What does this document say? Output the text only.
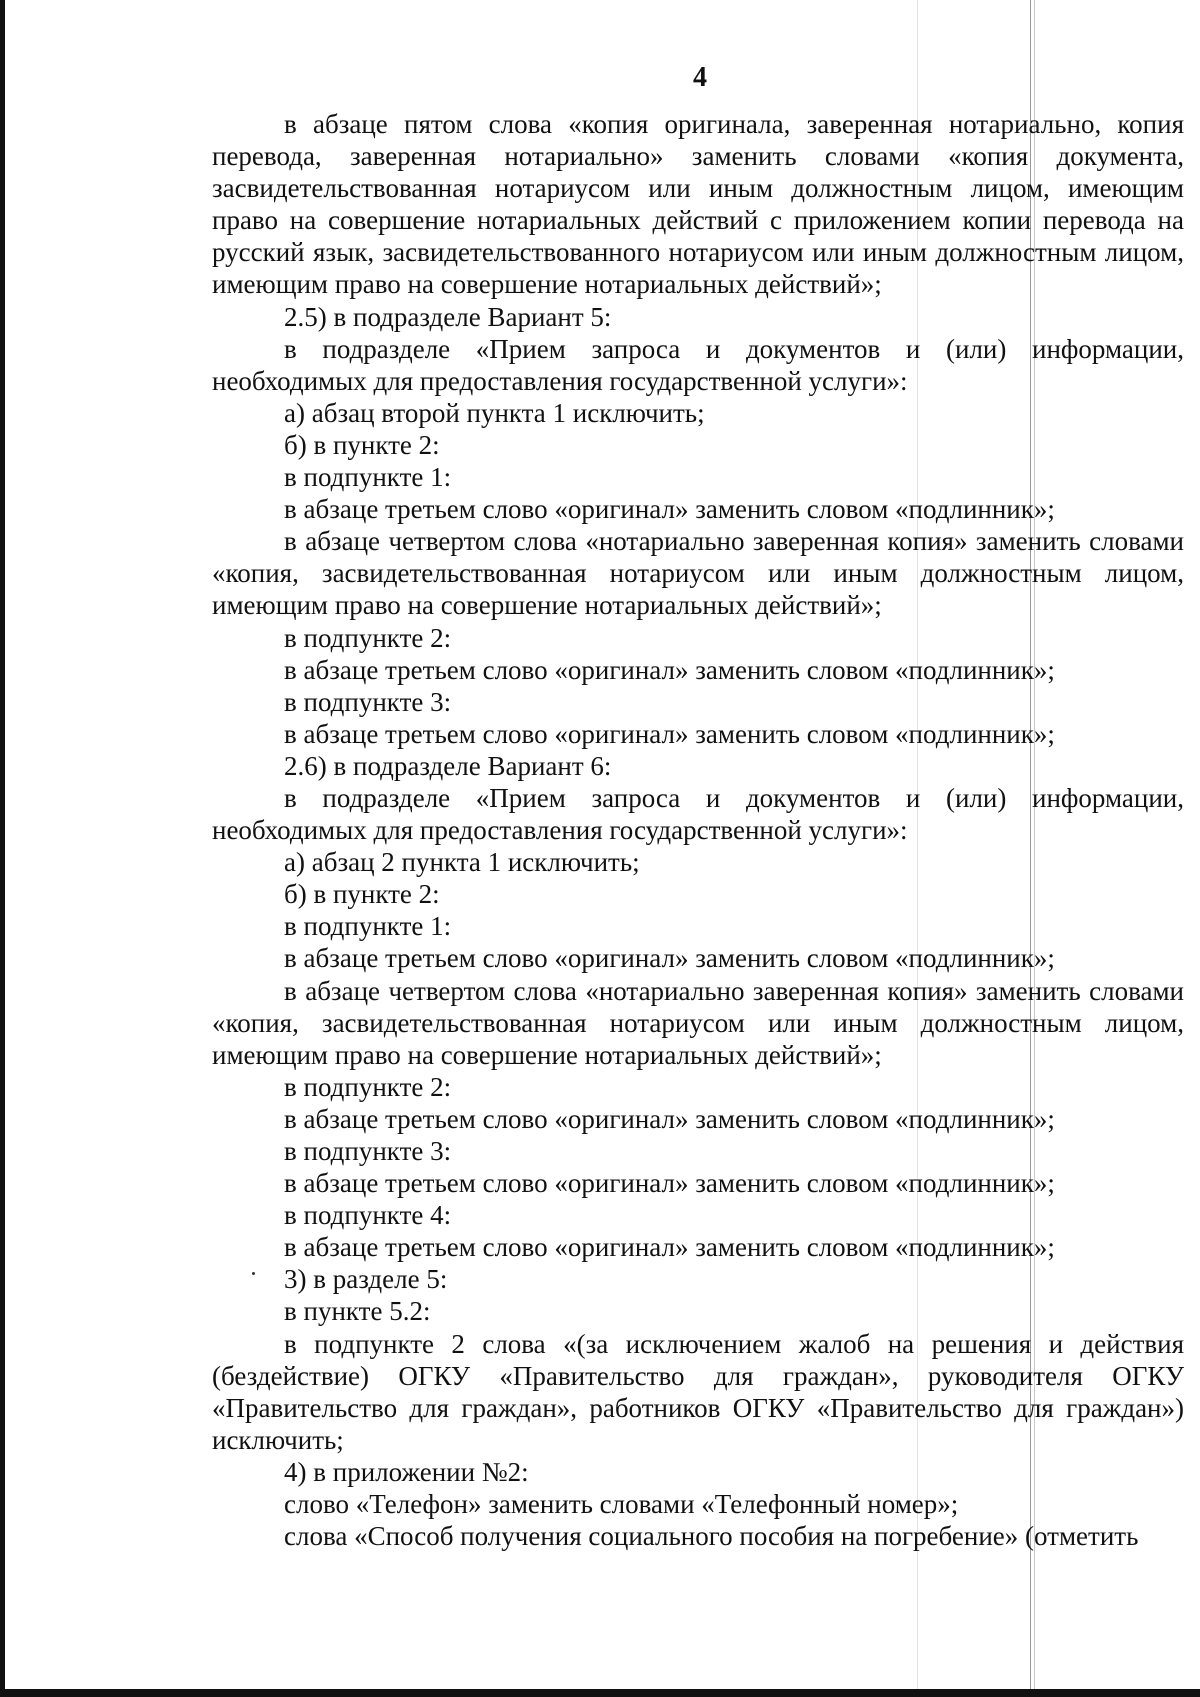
4

в абзаце пятом слова «копия оригинала, заверенная нотариально, копия перевода, заверенная нотариально» заменить словами «копия документа, засвидетельствованная нотариусом или иным должностным лицом, имеющим право на совершение нотариальных действий с приложением копии перевода на русский язык, засвидетельствованного нотариусом или иным должностным лицом, имеющим право на совершение нотариальных действий»;

2.5) в подразделе Вариант 5:

в подразделе «Прием запроса и документов и (или) информации, необходимых для предоставления государственной услуги»:

а) абзац второй пункта 1 исключить;

б) в пункте 2:

в подпункте 1:

в абзаце третьем слово «оригинал» заменить словом «подлинник»;

в абзаце четвертом слова «нотариально заверенная копия» заменить словами «копия, засвидетельствованная нотариусом или иным должностным лицом, имеющим право на совершение нотариальных действий»;

в подпункте 2:

в абзаце третьем слово «оригинал» заменить словом «подлинник»;

в подпункте 3:

в абзаце третьем слово «оригинал» заменить словом «подлинник»;

2.6) в подразделе Вариант 6:

в подразделе «Прием запроса и документов и (или) информации, необходимых для предоставления государственной услуги»:

а) абзац 2 пункта 1 исключить;

б) в пункте 2:

в подпункте 1:

в абзаце третьем слово «оригинал» заменить словом «подлинник»;

в абзаце четвертом слова «нотариально заверенная копия» заменить словами «копия, засвидетельствованная нотариусом или иным должностным лицом, имеющим право на совершение нотариальных действий»;

в подпункте 2:

в абзаце третьем слово «оригинал» заменить словом «подлинник»;

в подпункте 3:

в абзаце третьем слово «оригинал» заменить словом «подлинник»;

в подпункте 4:

в абзаце третьем слово «оригинал» заменить словом «подлинник»;

3) в разделе 5:

в пункте 5.2:

в подпункте 2 слова «(за исключением жалоб на решения и действия (бездействие) ОГКУ «Правительство для граждан», руководителя ОГКУ «Правительство для граждан», работников ОГКУ «Правительство для граждан») исключить;

4) в приложении №2:

слово «Телефон» заменить словами «Телефонный номер»;

слова «Способ получения социального пособия на погребение» (отметить
